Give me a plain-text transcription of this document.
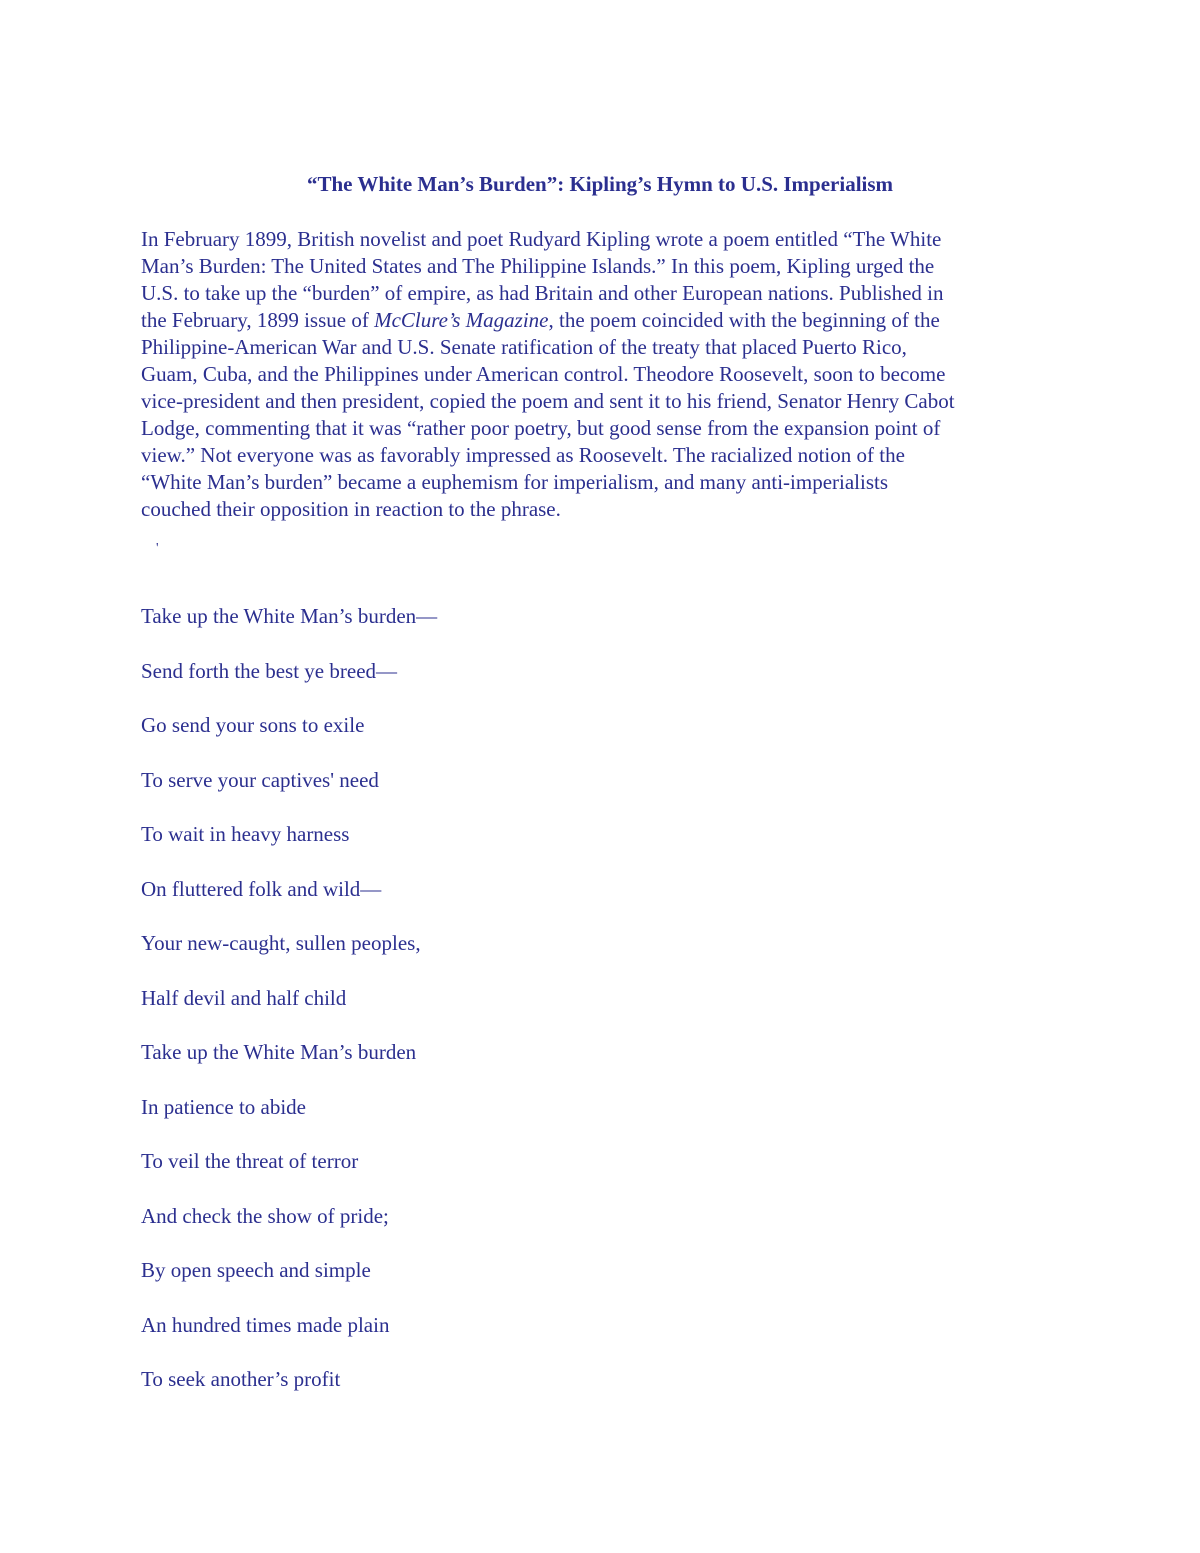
“The White Man’s Burden”: Kipling’s Hymn to U.S. Imperialism

In February 1899, British novelist and poet Rudyard Kipling wrote a poem entitled “The White
Man’s Burden: The United States and The Philippine Islands.” In this poem, Kipling urged the
U.S. to take up the “burden” of empire, as had Britain and other European nations. Published in
the February, 1899 issue of McClure’s Magazine, the poem coincided with the beginning of the
Philippine-American War and U.S. Senate ratification of the treaty that placed Puerto Rico,
Guam, Cuba, and the Philippines under American control. Theodore Roosevelt, soon to become
vice-president and then president, copied the poem and sent it to his friend, Senator Henry Cabot
Lodge, commenting that it was “rather poor poetry, but good sense from the expansion point of
view.” Not everyone was as favorably impressed as Roosevelt. The racialized notion of the
“White Man’s burden” became a euphemism for imperialism, and many anti-imperialists
couched their opposition in reaction to the phrase.

'
Take up the White Man’s burden—
Send forth the best ye breed—
Go send your sons to exile
To serve your captives' need
To wait in heavy harness
On fluttered folk and wild—
Your new-caught, sullen peoples,
Half devil and half child
Take up the White Man’s burden
In patience to abide
To veil the threat of terror
And check the show of pride;
By open speech and simple
An hundred times made plain
To seek another’s profit
